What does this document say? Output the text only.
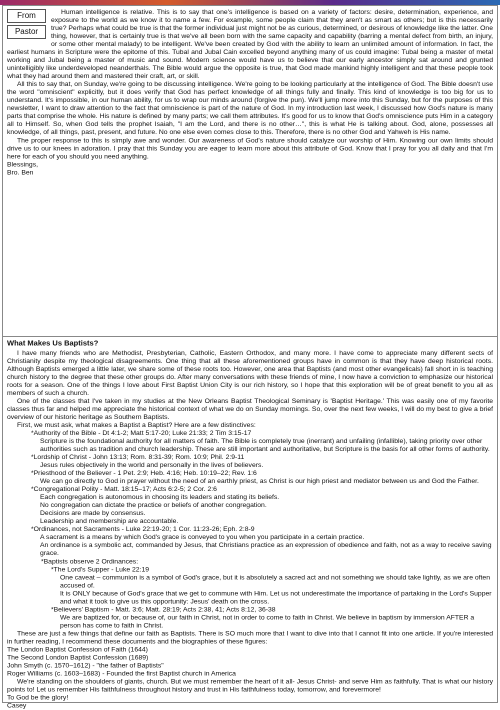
From
Pastor

Human intelligence is relative. This is to say that one's intelligence is based on a variety of factors: desire, determination, experience, and exposure to the world as we know it to name a few. For example, some people claim that they aren't as smart as others; but is this necessarily true? Perhaps what could be true is that the former individual just might not be as curious, determined, or desirous of knowledge like the latter. One thing, however, that is certainly true is that we've all been born with the same capacity and capability (barring a mental defect from birth, an injury, or some other mental malady) to be intelligent. We've been created by God with the ability to learn an unlimited amount of information. In fact, the earliest humans in Scripture were the epitome of this. Tubal and Jubal Cain excelled beyond anything many of us could imagine: Tubal being a master of metal working and Jubal being a master of music and sound. Modern science would have us to believe that our early ancestor simply sat around and grunted unintelligibly like underdeveloped neanderthals. The Bible would argue the opposite is true, that God made mankind highly intelligent and that these people took what they had around them and mastered their craft, art, or skill.

All this to say that, on Sunday, we're going to be discussing intelligence. We're going to be looking particularly at the intelligence of God. The Bible doesn't use the word "omniscient" explicitly, but it does verify that God has perfect knowledge of all things fully and finally. This kind of knowledge is too big for us to understand. It's impossible, in our human ability, for us to wrap our minds around (forgive the pun). We'll jump more into this Sunday, but for the purposes of this newsletter, I want to draw attention to the fact that omniscience is part of the nature of God. In my introduction last week, I discussed how God's nature is many parts that comprise the whole. His nature is defined by many parts; we call them attributes. It's good for us to know that God's omniscience puts Him in a category all to Himself. So, when God tells the prophet Isaiah, "I am the Lord, and there is no other…", this is what He is talking about. God, alone, possesses all knowledge, of all things, past, present, and future. No one else even comes close to this. Therefore, there is no other God and Yahweh is His name.

The proper response to this is simply awe and wonder. Our awareness of God's nature should catalyze our worship of Him. Knowing our own limits should drive us to our knees in adoration. I pray that this Sunday you are eager to learn more about this attribute of God. Know that I pray for you all daily and that I'm here for each of you should you need anything.

Blessings,

Bro. Ben

What Makes Us Baptists?

I have many friends who are Methodist, Presbyterian, Catholic, Eastern Orthodox, and many more. I have come to appreciate many different sects of Christianity despite my theological disagreements. One thing that all these aforementioned groups have in common is that they have deep historical roots. Although Baptists emerged a little later, we share some of these roots too. However, one area that Baptists (and most other evangelicals) fall short in is teaching church history to the degree that these other groups do. After many conversations with these friends of mine, I now have a conviction to emphasize our historical roots for a season. One of the things I love about First Baptist Union City is our rich history, so I hope that this exploration will be of great benefit to you all as members of such a church.

One of the classes that I've taken in my studies at the New Orleans Baptist Theological Seminary is 'Baptist Heritage.' This was easily one of my favorite classes thus far and helped me appreciate the historical context of what we do on Sunday mornings. So, over the next few weeks, I will do my best to give a brief overview of our historic heritage as Southern Baptists.

First, we must ask, what makes a Baptist a Baptist? Here are a few distinctives:

*Authority of the Bible - Dt 4:1-2; Matt 5:17-20; Luke 21:33; 2 Tim 3:15-17

Scripture is the foundational authority for all matters of faith. The Bible is completely true (inerrant) and unfailing (infallible), taking priority over other authorities such as tradition and church leadership. These are still important and authoritative, but Scripture is the basis for all other forms of authority.

*Lordship of Christ - John 13:13; Rom. 8:31-39; Rom. 10:9; Phil. 2:9-11

Jesus rules objectively in the world and personally in the lives of believers.

*Priesthood of the Believer - 1 Pet. 2:9; Heb. 4:16; Heb. 10:19–22; Rev. 1:6

We can go directly to God in prayer without the need of an earthly priest, as Christ is our high priest and mediator between us and God the Father.

*Congregational Polity - Matt. 18:15–17; Acts 6:2-5; 2 Cor. 2:6

Each congregation is autonomous in choosing its leaders and stating its beliefs.

No congregation can dictate the practice or beliefs of another congregation.

Decisions are made by consensus.

Leadership and membership are accountable.

*Ordinances, not Sacraments - Luke 22:19-20; 1 Cor. 11:23-26; Eph. 2:8-9

A sacrament is a means by which God's grace is conveyed to you when you participate in a certain practice.

An ordinance is a symbolic act, commanded by Jesus, that Christians practice as an expression of obedience and faith, not as a way to receive saving grace.

*Baptists observe 2 Ordinances:

*The Lord's Supper - Luke 22:19

One caveat – communion is a symbol of God's grace, but it is absolutely a sacred act and not something we should take lightly, as we are often accused of.

It is ONLY because of God's grace that we get to commune with Him. Let us not underestimate the importance of partaking in the Lord's Supper and what it took to give us this opportunity: Jesus' death on the cross.

*Believers' Baptism - Matt. 3:6; Matt. 28:19; Acts 2:38, 41; Acts 8:12, 36-38

We are baptized for, or because of, our faith in Christ, not in order to come to faith in Christ. We believe in baptism by immersion AFTER a person has come to faith in Christ.

These are just a few things that define our faith as Baptists. There is SO much more that I want to dive into that I cannot fit into one article. If you're interested in further reading, I recommend these documents and the biographies of these figures:

The London Baptist Confession of Faith (1644)

The Second London Baptist Confession (1689)

John Smyth (c. 1570–1612) - "the father of Baptists"

Roger Williams (c. 1603–1683) - Founded the first Baptist church in America

We're standing on the shoulders of giants, church. But we must remember the heart of it all- Jesus Christ- and serve Him as faithfully. That is what our history points to! Let us remember His faithfulness throughout history and trust in His faithfulness today, tomorrow, and forevermore!

To God be the glory!

Casey
